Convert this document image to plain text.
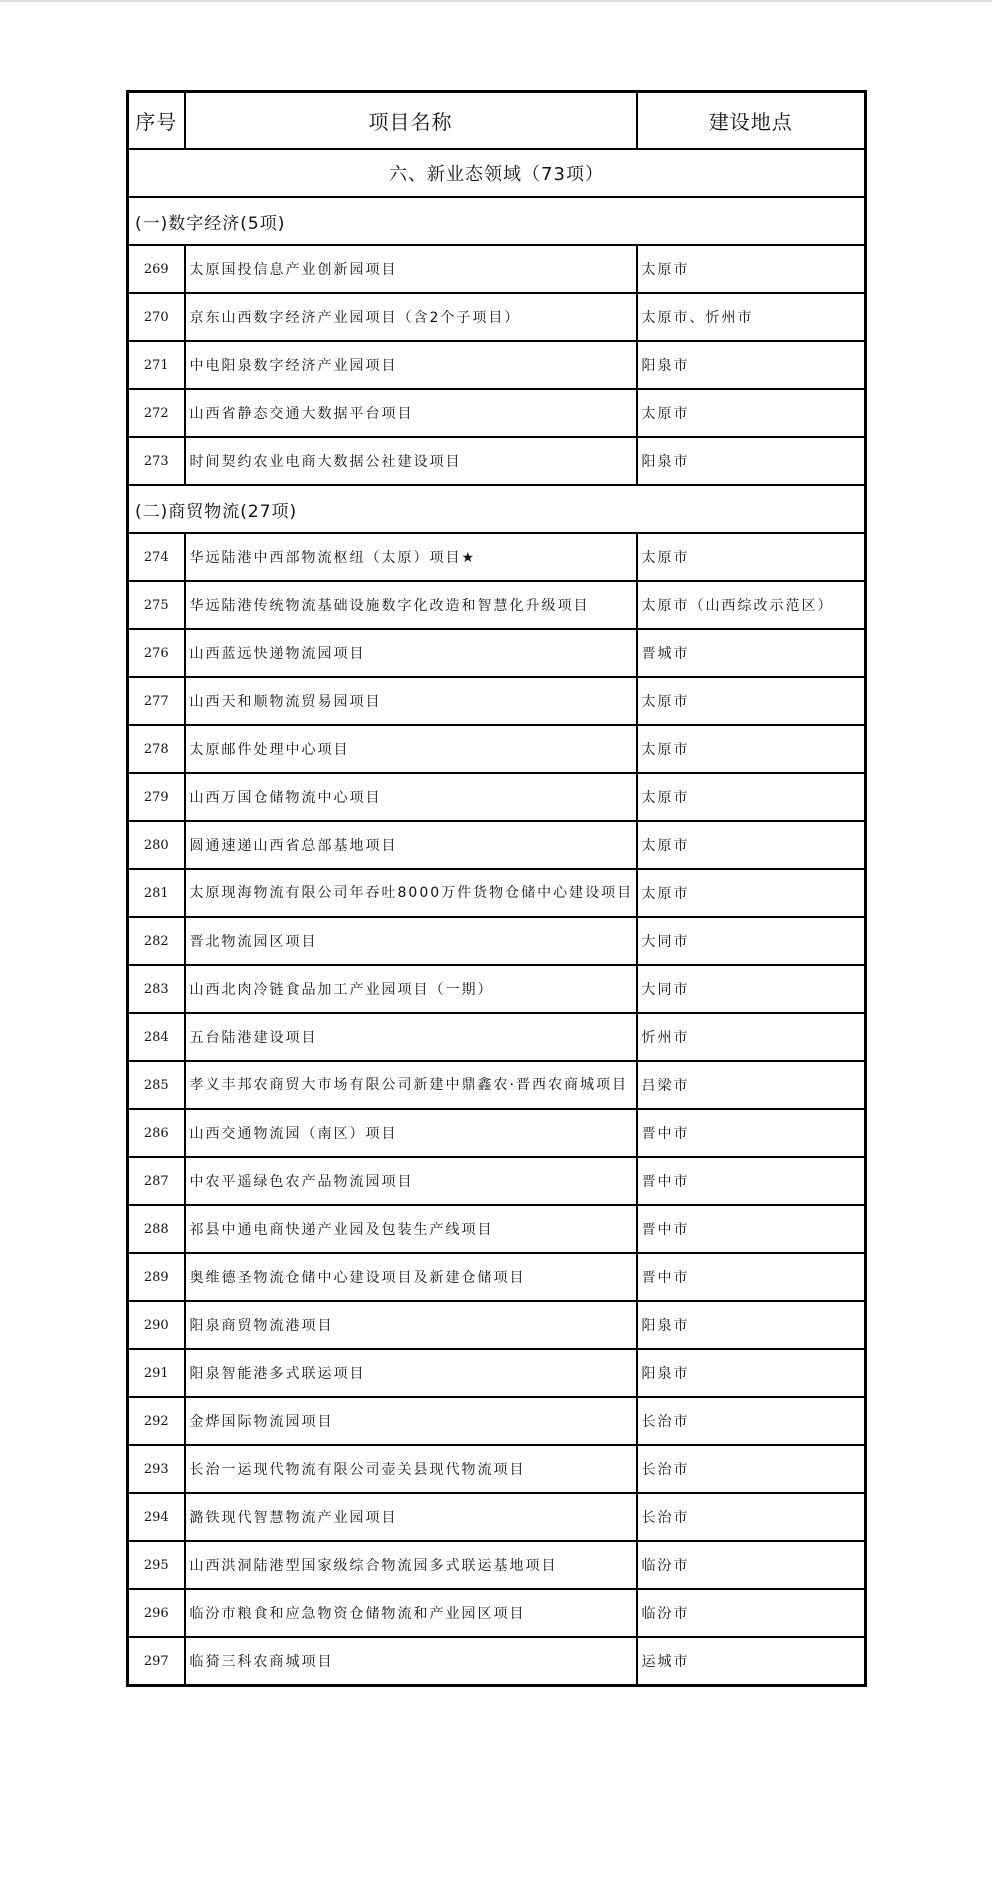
序号	项目名称	建设地点
六、新业态领域（73项）		
(一)数字经济(5项)		
269	太原国投信息产业创新园项目	太原市
270	京东山西数字经济产业园项目（含2个子项目）	太原市、忻州市
271	中电阳泉数字经济产业园项目	阳泉市
272	山西省静态交通大数据平台项目	太原市
273	时间契约农业电商大数据公社建设项目	阳泉市
(二)商贸物流(27项)		
274	华远陆港中西部物流枢纽（太原）项目★	太原市
275	华远陆港传统物流基础设施数字化改造和智慧化升级项目	太原市（山西综改示范区）
276	山西蓝远快递物流园项目	晋城市
277	山西天和顺物流贸易园项目	太原市
278	太原邮件处理中心项目	太原市
279	山西万国仓储物流中心项目	太原市
280	圆通速递山西省总部基地项目	太原市
281	太原现海物流有限公司年吞吐8000万件货物仓储中心建设项目	太原市
282	晋北物流园区项目	大同市
283	山西北肉冷链食品加工产业园项目（一期）	大同市
284	五台陆港建设项目	忻州市
285	孝义丰邦农商贸大市场有限公司新建中鼎鑫农·晋西农商城项目	吕梁市
286	山西交通物流园（南区）项目	晋中市
287	中农平遥绿色农产品物流园项目	晋中市
288	祁县中通电商快递产业园及包装生产线项目	晋中市
289	奥维德圣物流仓储中心建设项目及新建仓储项目	晋中市
290	阳泉商贸物流港项目	阳泉市
291	阳泉智能港多式联运项目	阳泉市
292	金烨国际物流园项目	长治市
293	长治一运现代物流有限公司壶关县现代物流项目	长治市
294	潞铁现代智慧物流产业园项目	长治市
295	山西洪洞陆港型国家级综合物流园多式联运基地项目	临汾市
296	临汾市粮食和应急物资仓储物流和产业园区项目	临汾市
297	临猗三科农商城项目	运城市
